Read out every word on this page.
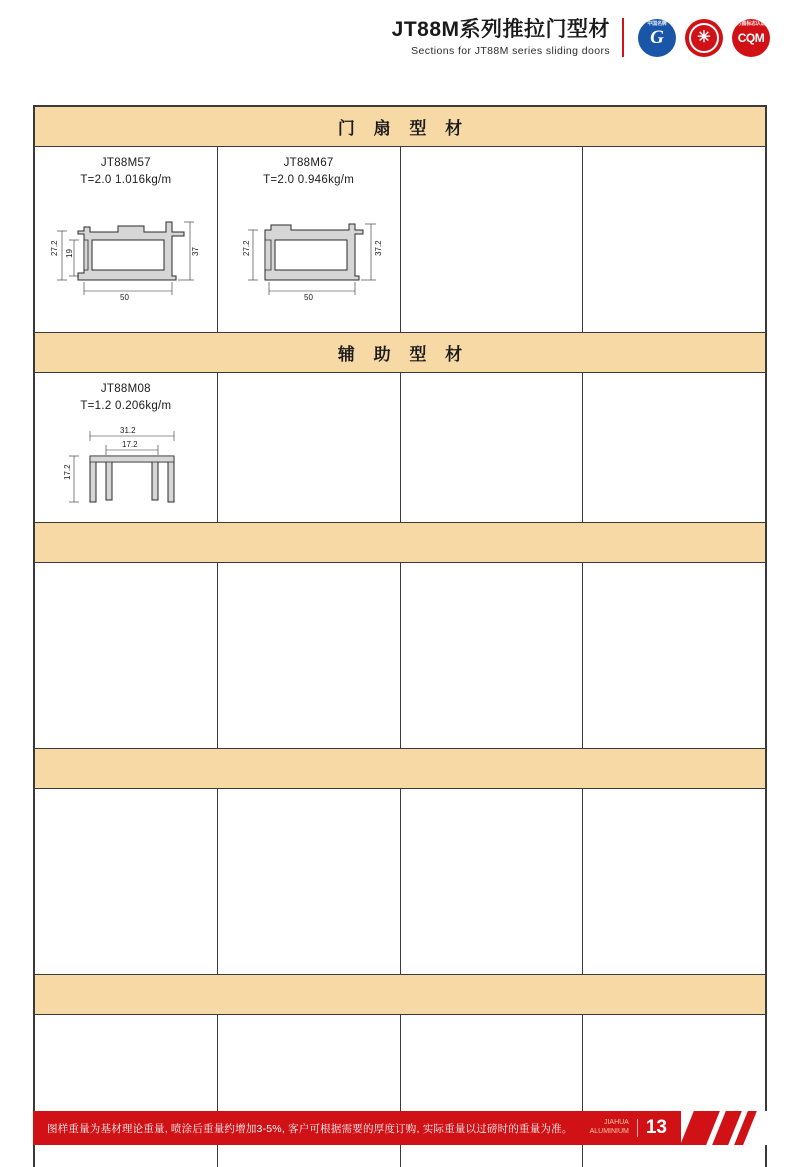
JT88M系列推拉门型材
Sections for JT88M series sliding doors
中国名牌
G	✳
方圆标志认证
CQM
门 扇 型 材			

JT88M57
T=2.0 1.016kg/m
50
37
27.2 19

JT88M67
T=2.0 0.946kg/m
50
37.2
27.2

辅 助 型 材			

JT88M08
T=1.2 0.206kg/m
31.2
17.2
17.2			

图样重量为基材理论重量, 喷涂后重量约增加3-5%, 客户可根据需要的厚度订购, 实际重量以过磅时的重量为准。	JIAHUA
ALUMINIUM 13
